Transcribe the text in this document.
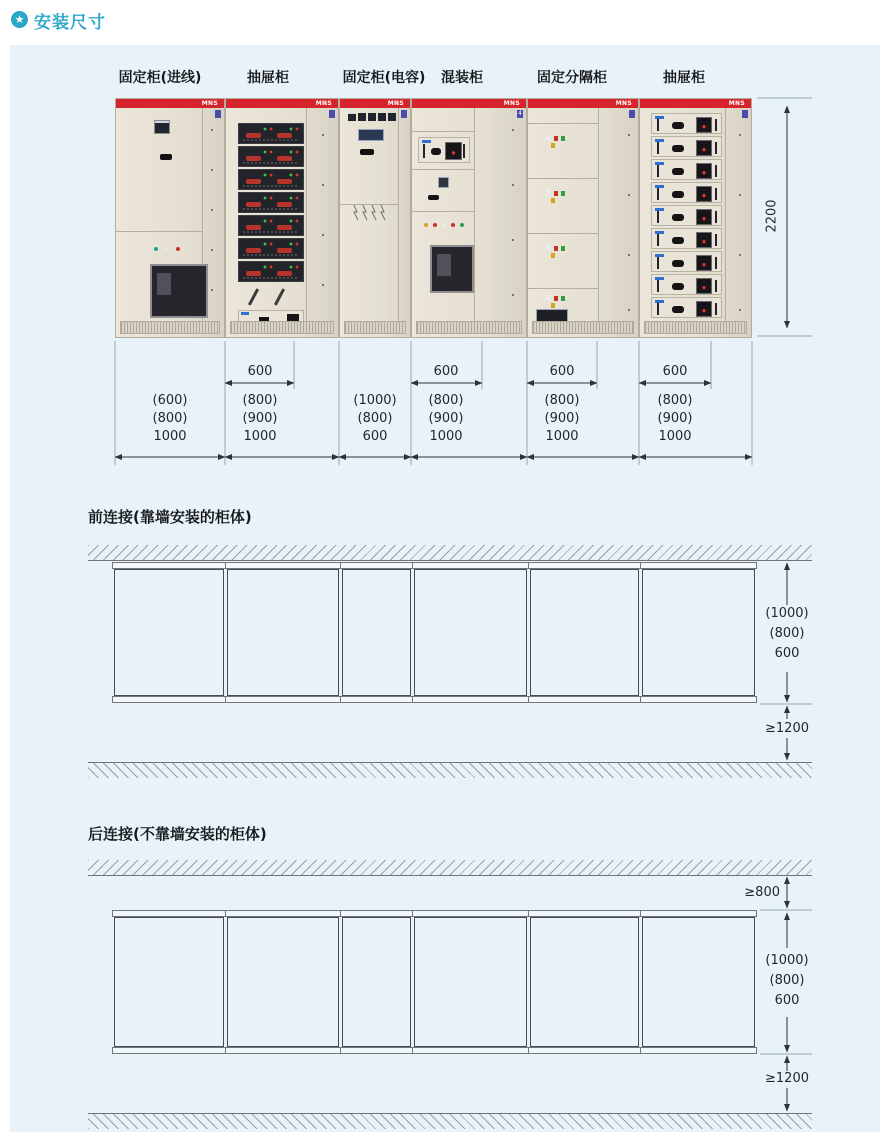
★ 安装尺寸
固定柜(进线)	抽屉柜	固定柜(电容) 混装柜	固定分隔柜	抽屉柜
MNS	MNS	MNS	MNS
4
MNS	MNS
2200
600	600	600	600
(600)
(800)
1000
(800)
(900)
1000
(1000)
(800)
600
(800)
(900)
1000
(800)
(900)
1000
(800)
(900)
1000
前连接(靠墙安装的柜体)
(1000)
(800)
600
≥1200
后连接(不靠墙安装的柜体)
≥800
(1000)
(800)
600
≥1200
